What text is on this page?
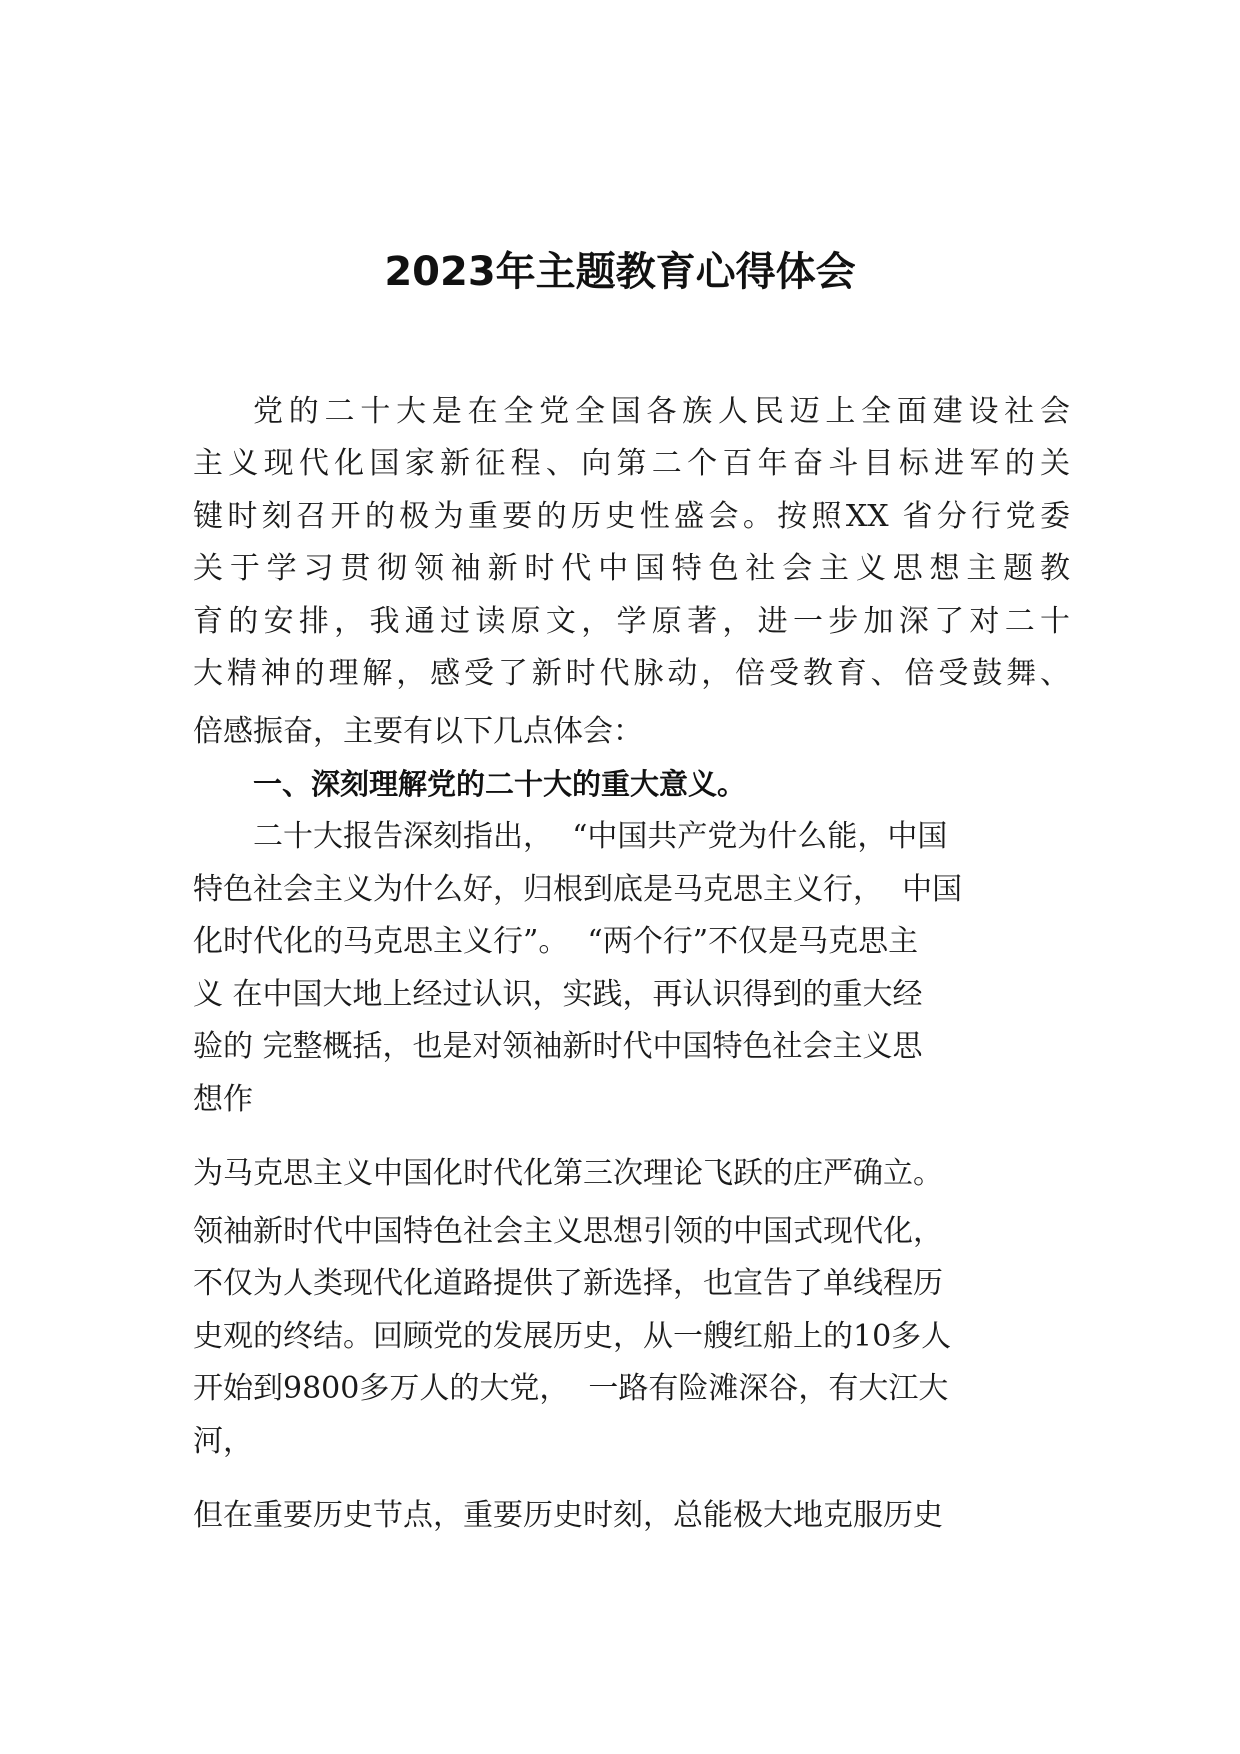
2023年主题教育心得体会
党的二十大是在全党全国各族人民迈上全面建设社会
主义现代化国家新征程、向第二个百年奋斗目标进军的关
键时刻召开的极为重要的历史性盛会。按照XX 省分行党委
关于学习贯彻领袖新时代中国特色社会主义思想主题教
育的安排，我通过读原文，学原著，进一步加深了对二十
大精神的理解，感受了新时代脉动，倍受教育、倍受鼓舞、
倍感振奋，主要有以下几点体会：
一、深刻理解党的二十大的重大意义。
二十大报告深刻指出，  “中国共产党为什么能，中国
特色社会主义为什么好，归根到底是马克思主义行，  中国
化时代化的马克思主义行”。  “两个行”不仅是马克思主
义 在中国大地上经过认识，实践，再认识得到的重大经
验的 完整概括，也是对领袖新时代中国特色社会主义思
想作
为马克思主义中国化时代化第三次理论飞跃的庄严确立。
领袖新时代中国特色社会主义思想引领的中国式现代化，
不仅为人类现代化道路提供了新选择，也宣告了单线程历
史观的终结。回顾党的发展历史，从一艘红船上的10多人
开始到9800多万人的大党，  一路有险滩深谷，有大江大
河，
但在重要历史节点，重要历史时刻，总能极大地克服历史
